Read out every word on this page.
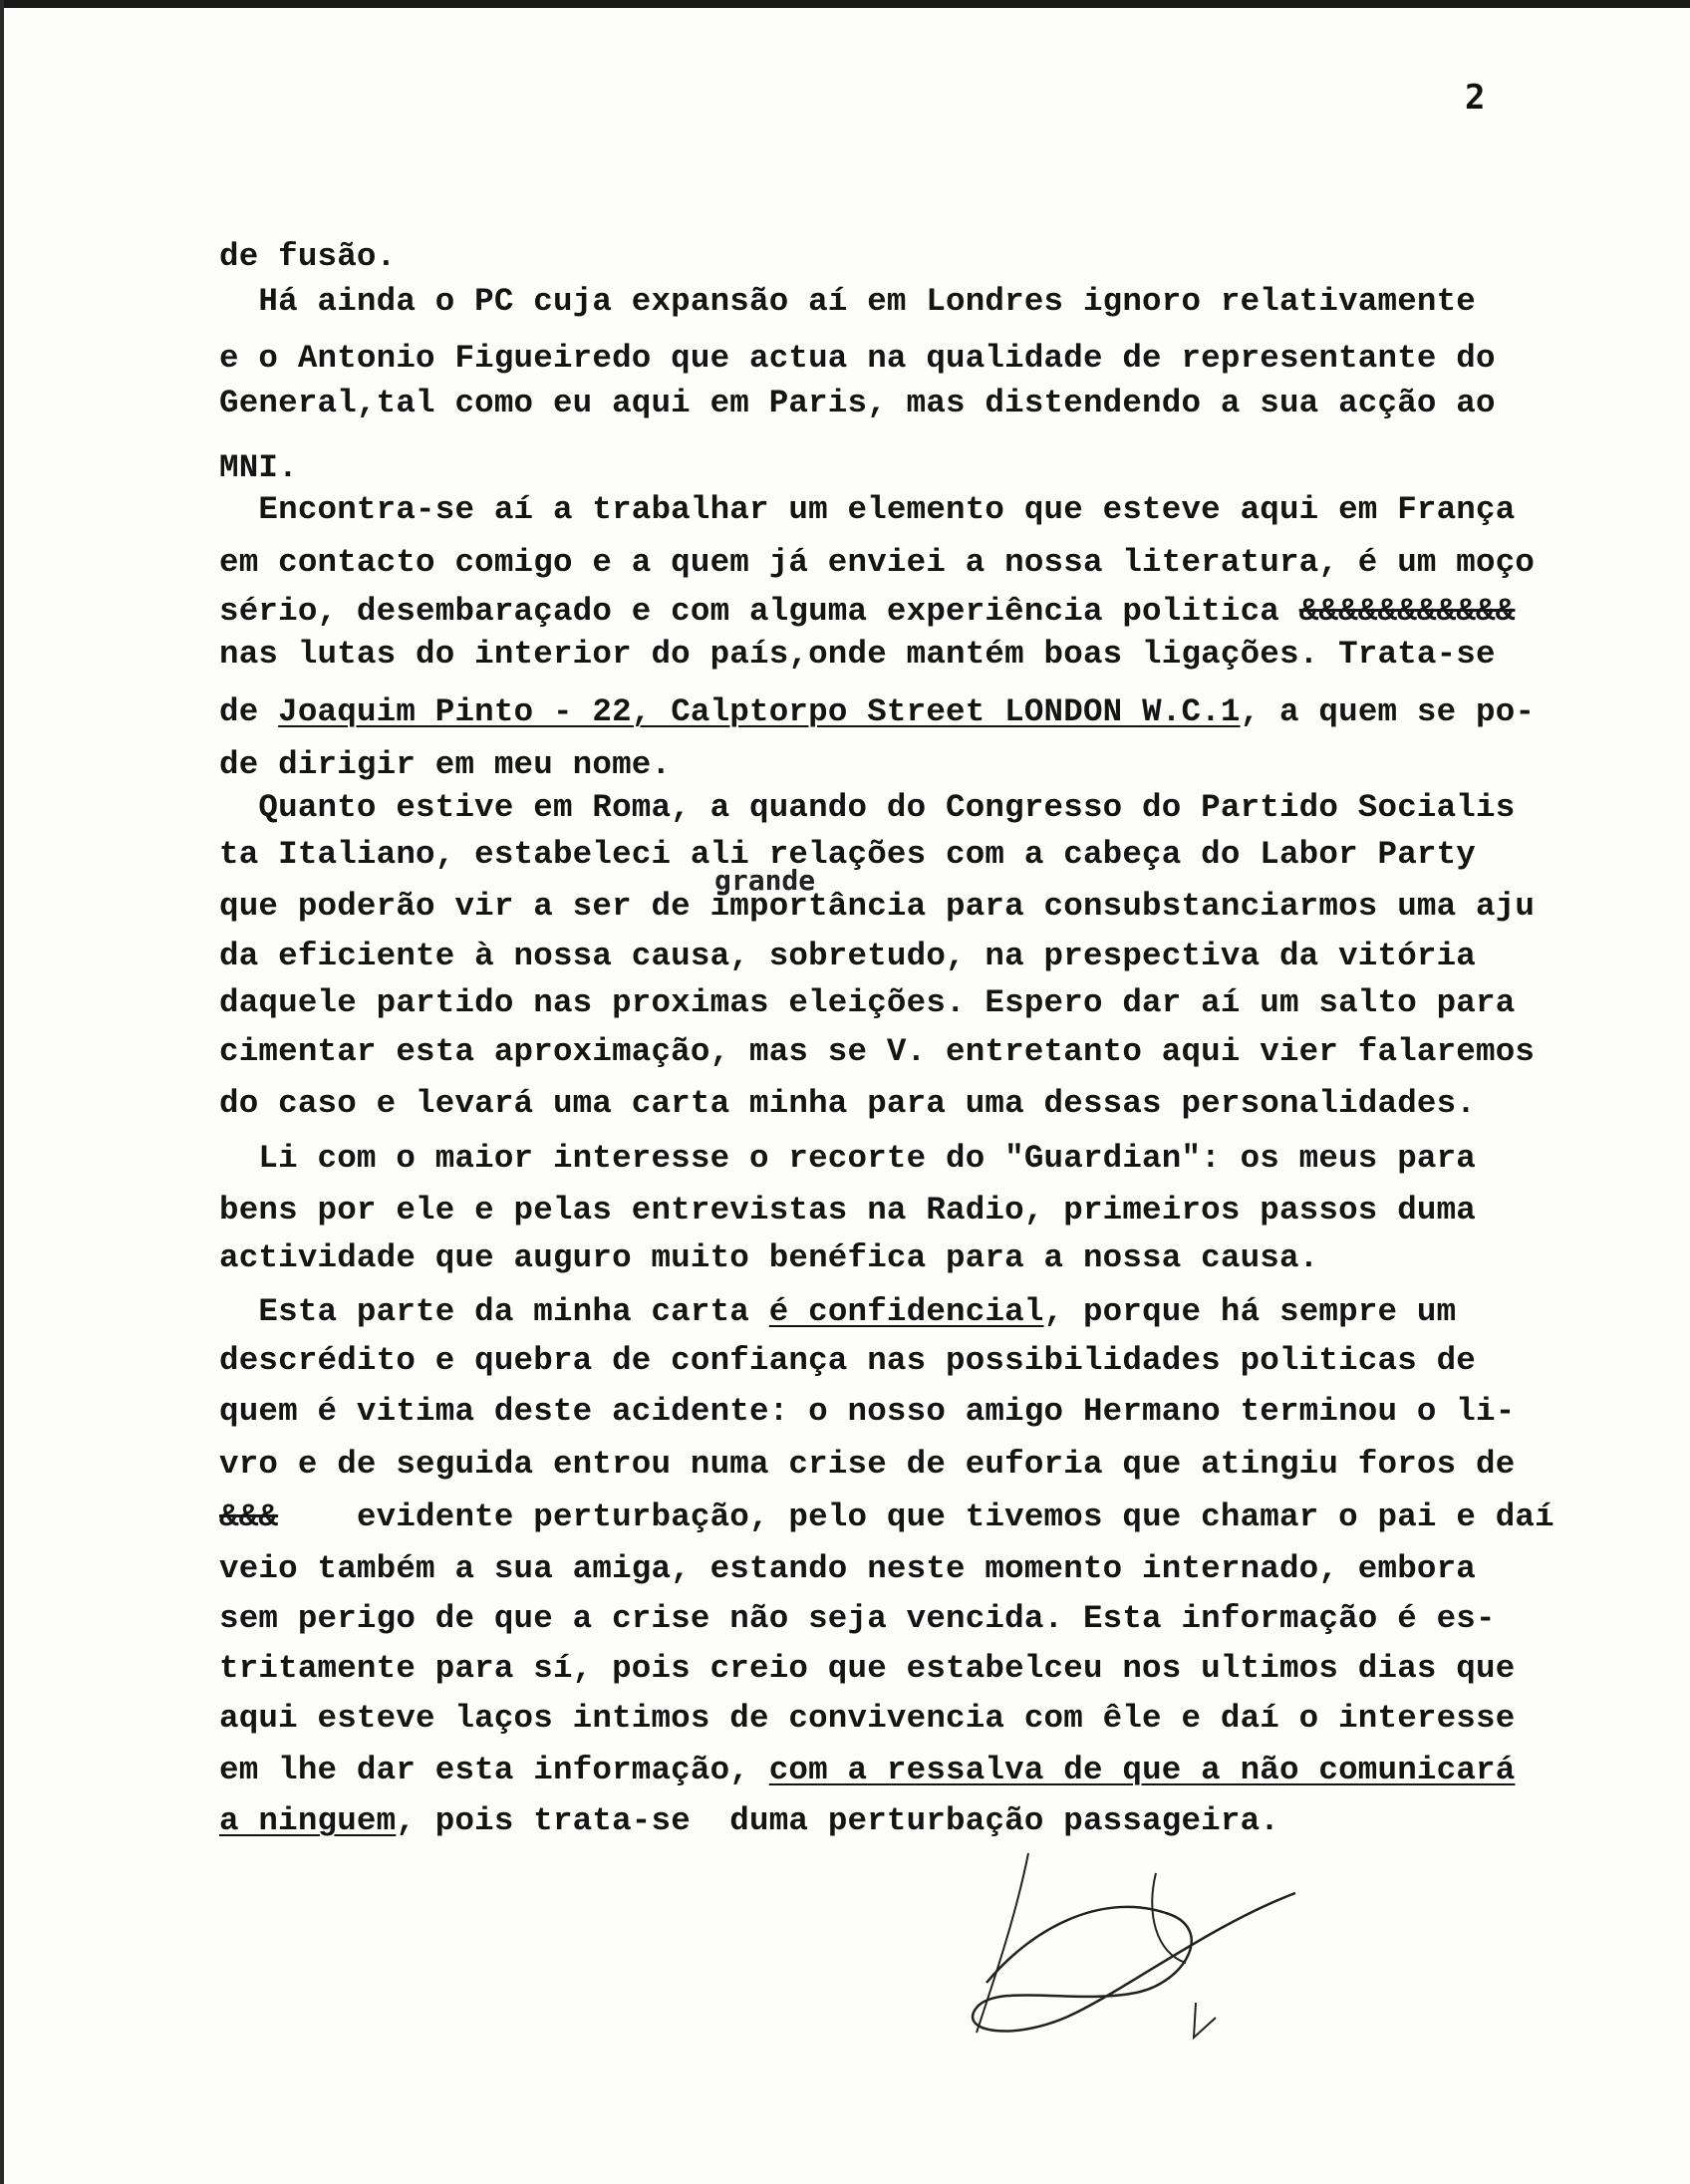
2
de fusão.
Há ainda o PC cuja expansão aí em Londres ignoro relativamente
e o Antonio Figueiredo que actua na qualidade de representante do
General,tal como eu aqui em Paris, mas distendendo a sua acção ao
MNI.
Encontra-se aí a trabalhar um elemento que esteve aqui em França
em contacto comigo e a quem já enviei a nossa literatura, é um moço
sério, desembaraçado e com alguma experiência politica &&&&&&&&&&&
nas lutas do interior do país,onde mantém boas ligações. Trata-se
de Joaquim Pinto - 22, Calptorpo Street LONDON W.C.1, a quem se po-
de dirigir em meu nome.
Quanto estive em Roma, a quando do Congresso do Partido Socialis
ta Italiano, estabeleci ali relações com a cabeça do Labor Party
grande
que poderão vir a ser de importância para consubstanciarmos uma aju
da eficiente à nossa causa, sobretudo, na prespectiva da vitória
daquele partido nas proximas eleições. Espero dar aí um salto para
cimentar esta aproximação, mas se V. entretanto aqui vier falaremos
do caso e levará uma carta minha para uma dessas personalidades.
Li com o maior interesse o recorte do "Guardian": os meus para
bens por ele e pelas entrevistas na Radio, primeiros passos duma
actividade que auguro muito benéfica para a nossa causa.
Esta parte da minha carta é confidencial, porque há sempre um
descrédito e quebra de confiança nas possibilidades politicas de
quem é vitima deste acidente: o nosso amigo Hermano terminou o li-
vro e de seguida entrou numa crise de euforia que atingiu foros de
&&&    evidente perturbação, pelo que tivemos que chamar o pai e daí
veio também a sua amiga, estando neste momento internado, embora
sem perigo de que a crise não seja vencida. Esta informação é es-
tritamente para sí, pois creio que estabelceu nos ultimos dias que
aqui esteve laços intimos de convivencia com êle e daí o interesse
em lhe dar esta informação, com a ressalva de que a não comunicará
a ninguem, pois trata-se  duma perturbação passageira.
